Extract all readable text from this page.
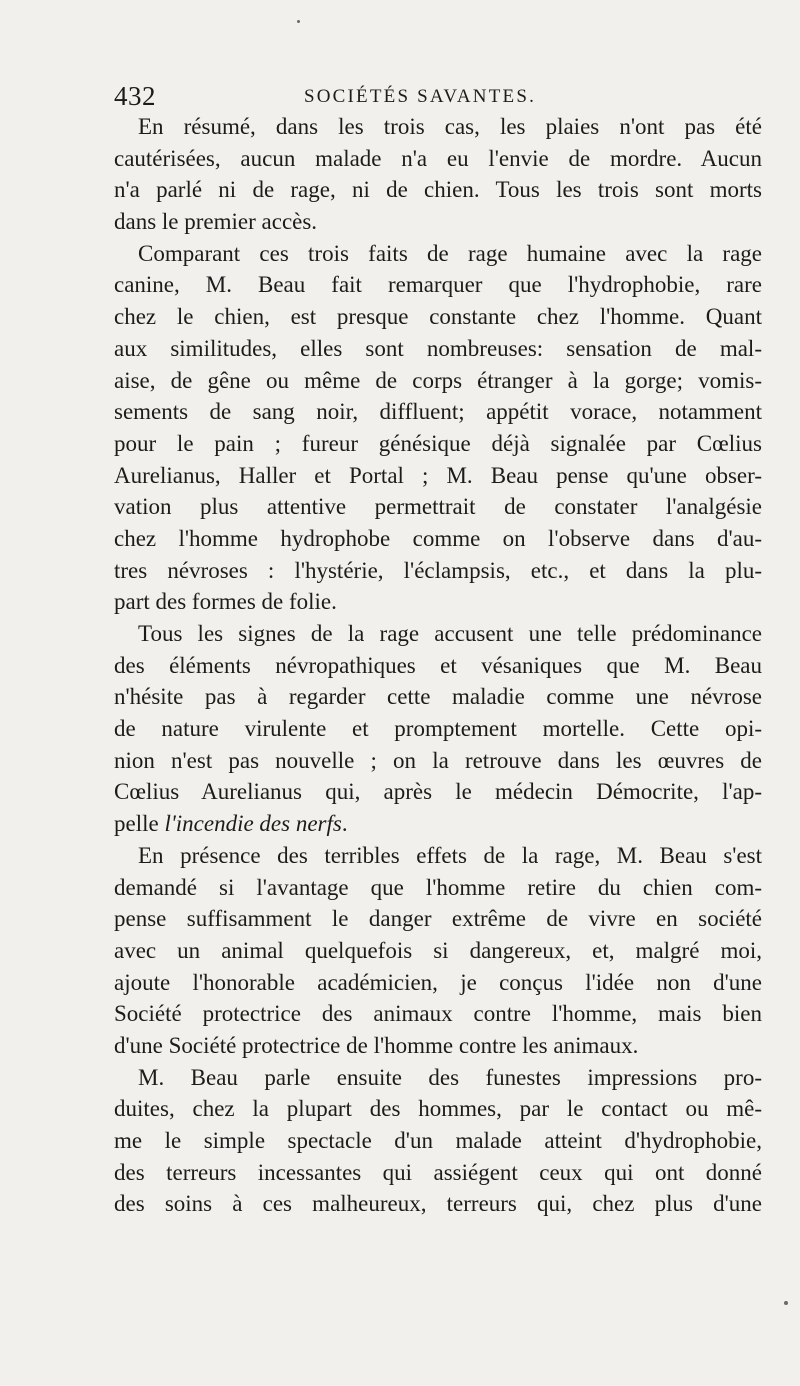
432	SOCIÉTÉS SAVANTES.

En résumé, dans les trois cas, les plaies n'ont pas été
cautérisées, aucun malade n'a eu l'envie de mordre. Aucun
n'a parlé ni de rage, ni de chien. Tous les trois sont morts
dans le premier accès.

Comparant ces trois faits de rage humaine avec la rage
canine, M. Beau fait remarquer que l'hydrophobie, rare
chez le chien, est presque constante chez l'homme. Quant
aux similitudes, elles sont nombreuses: sensation de mal-
aise, de gêne ou même de corps étranger à la gorge; vomis-
sements de sang noir, diffluent; appétit vorace, notamment
pour le pain ; fureur génésique déjà signalée par Cœlius
Aurelianus, Haller et Portal ; M. Beau pense qu'une obser-
vation plus attentive permettrait de constater l'analgésie
chez l'homme hydrophobe comme on l'observe dans d'au-
tres névroses : l'hystérie, l'éclampsis, etc., et dans la plu-
part des formes de folie.

Tous les signes de la rage accusent une telle prédominance
des éléments névropathiques et vésaniques que M. Beau
n'hésite pas à regarder cette maladie comme une névrose
de nature virulente et promptement mortelle. Cette opi-
nion n'est pas nouvelle ; on la retrouve dans les œuvres de
Cœlius Aurelianus qui, après le médecin Démocrite, l'ap-
pelle l'incendie des nerfs.

En présence des terribles effets de la rage, M. Beau s'est
demandé si l'avantage que l'homme retire du chien com-
pense suffisamment le danger extrême de vivre en société
avec un animal quelquefois si dangereux, et, malgré moi,
ajoute l'honorable académicien, je conçus l'idée non d'une
Société protectrice des animaux contre l'homme, mais bien
d'une Société protectrice de l'homme contre les animaux.

M. Beau parle ensuite des funestes impressions pro-
duites, chez la plupart des hommes, par le contact ou mê-
me le simple spectacle d'un malade atteint d'hydrophobie,
des terreurs incessantes qui assiégent ceux qui ont donné
des soins à ces malheureux, terreurs qui, chez plus d'une
